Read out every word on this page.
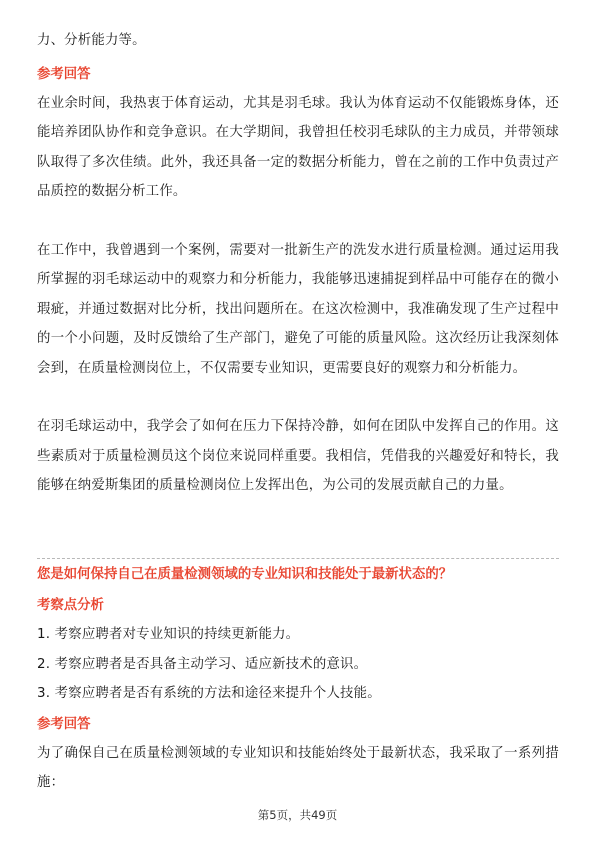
力、分析能力等。

参考回答

在业余时间，我热衷于体育运动，尤其是羽毛球。我认为体育运动不仅能锻炼身体，还能培养团队协作和竞争意识。在大学期间，我曾担任校羽毛球队的主力成员，并带领球队取得了多次佳绩。此外，我还具备一定的数据分析能力，曾在之前的工作中负责过产品质控的数据分析工作。

在工作中，我曾遇到一个案例，需要对一批新生产的洗发水进行质量检测。通过运用我所掌握的羽毛球运动中的观察力和分析能力，我能够迅速捕捉到样品中可能存在的微小瑕疵，并通过数据对比分析，找出问题所在。在这次检测中，我准确发现了生产过程中的一个小问题，及时反馈给了生产部门，避免了可能的质量风险。这次经历让我深刻体会到，在质量检测岗位上，不仅需要专业知识，更需要良好的观察力和分析能力。

在羽毛球运动中，我学会了如何在压力下保持冷静，如何在团队中发挥自己的作用。这些素质对于质量检测员这个岗位来说同样重要。我相信，凭借我的兴趣爱好和特长，我能够在纳爱斯集团的质量检测岗位上发挥出色，为公司的发展贡献自己的力量。

您是如何保持自己在质量检测领域的专业知识和技能处于最新状态的？

考察点分析

1. 考察应聘者对专业知识的持续更新能力。

2. 考察应聘者是否具备主动学习、适应新技术的意识。

3. 考察应聘者是否有系统的方法和途径来提升个人技能。

参考回答

为了确保自己在质量检测领域的专业知识和技能始终处于最新状态，我采取了一系列措施：

第5页，共49页
